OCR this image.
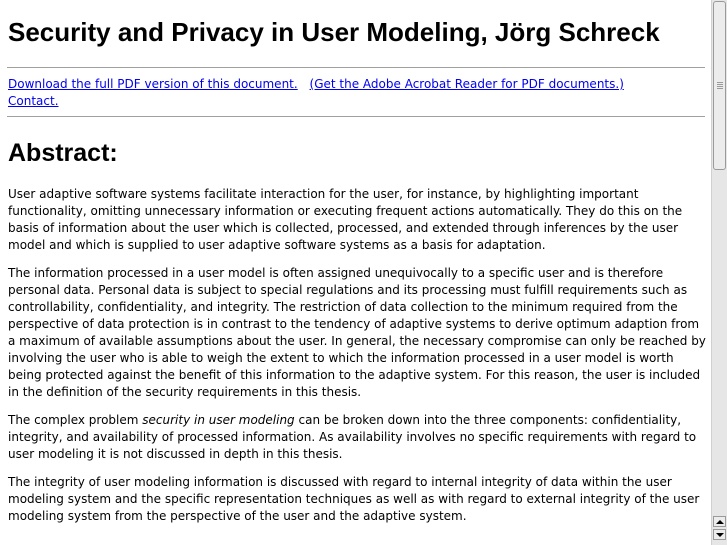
Security and Privacy in User Modeling, Jörg Schreck
Download the full PDF version of this document. (Get the Adobe Acrobat Reader for PDF documents.)
Contact.
Abstract:

User adaptive software systems facilitate interaction for the user, for instance, by highlighting important functionality, omitting unnecessary information or executing frequent actions automatically. They do this on the basis of information about the user which is collected, processed, and extended through inferences by the user model and which is supplied to user adaptive software systems as a basis for adaptation.

The information processed in a user model is often assigned unequivocally to a specific user and is therefore personal data. Personal data is subject to special regulations and its processing must fulfill requirements such as controllability, confidentiality, and integrity. The restriction of data collection to the minimum required from the perspective of data protection is in contrast to the tendency of adaptive systems to derive optimum adaption from a maximum of available assumptions about the user. In general, the necessary compromise can only be reached by involving the user who is able to weigh the extent to which the information processed in a user model is worth being protected against the benefit of this information to the adaptive system. For this reason, the user is included in the definition of the security requirements in this thesis.

The complex problem security in user modeling can be broken down into the three components: confidentiality, integrity, and availability of processed information. As availability involves no specific requirements with regard to user modeling it is not discussed in depth in this thesis.

The integrity of user modeling information is discussed with regard to internal integrity of data within the user modeling system and the specific representation techniques as well as with regard to external integrity of the user modeling system from the perspective of the user and the adaptive system.
